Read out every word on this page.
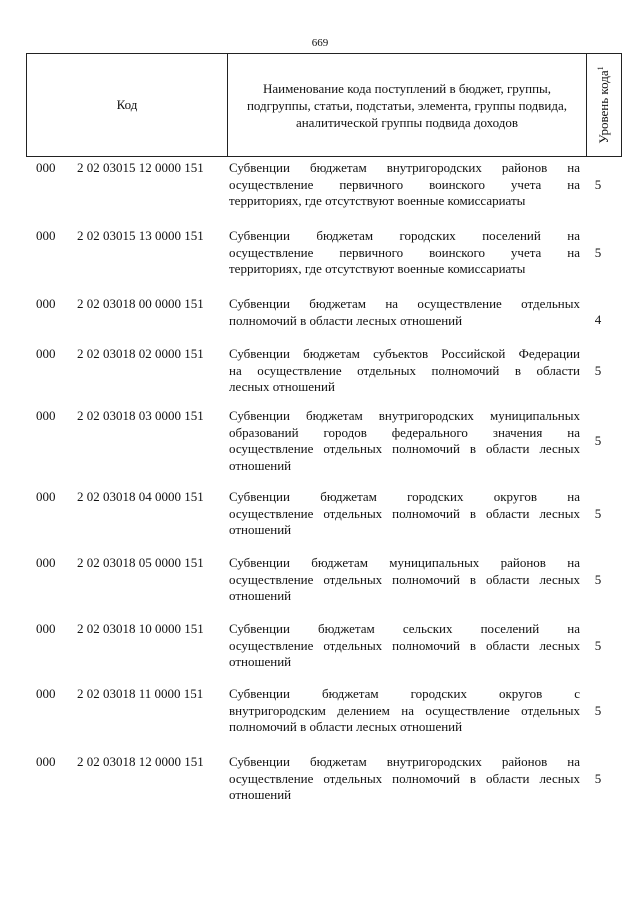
669
Код	Наименование кода поступлений в бюджет, группы, подгруппы, статьи, подстатьи, элемента, группы подвида, аналитической группы подвида доходов	Уровень кода$^1$
000	2 02 03015 12 0000 151	Субвенции бюджетам внутригородских районов на
осуществление первичного воинского учета на
территориях, где отсутствуют военные комиссариаты
5
000	2 02 03015 13 0000 151	Субвенции бюджетам городских поселений на
осуществление первичного воинского учета на
территориях, где отсутствуют военные комиссариаты
5
000	2 02 03018 00 0000 151	Субвенции бюджетам на осуществление отдельных
полномочий в области лесных отношений	4
000	2 02 03018 02 0000 151	Субвенции бюджетам субъектов Российской Федерации
на осуществление отдельных полномочий в области
лесных отношений
5
000	2 02 03018 03 0000 151	Субвенции бюджетам внутригородских муниципальных
образований городов федерального значения на
осуществление отдельных полномочий в области лесных
отношений
5
000	2 02 03018 04 0000 151	Субвенции бюджетам городских округов на
осуществление отдельных полномочий в области лесных
отношений
5
000	2 02 03018 05 0000 151	Субвенции бюджетам муниципальных районов на
осуществление отдельных полномочий в области лесных
отношений
5
000	2 02 03018 10 0000 151	Субвенции бюджетам сельских поселений на
осуществление отдельных полномочий в области лесных
отношений
5
000	2 02 03018 11 0000 151	Субвенции бюджетам городских округов с
внутригородским делением на осуществление отдельных
полномочий в области лесных отношений
5
000	2 02 03018 12 0000 151	Субвенции бюджетам внутригородских районов на
осуществление отдельных полномочий в области лесных
отношений
5
